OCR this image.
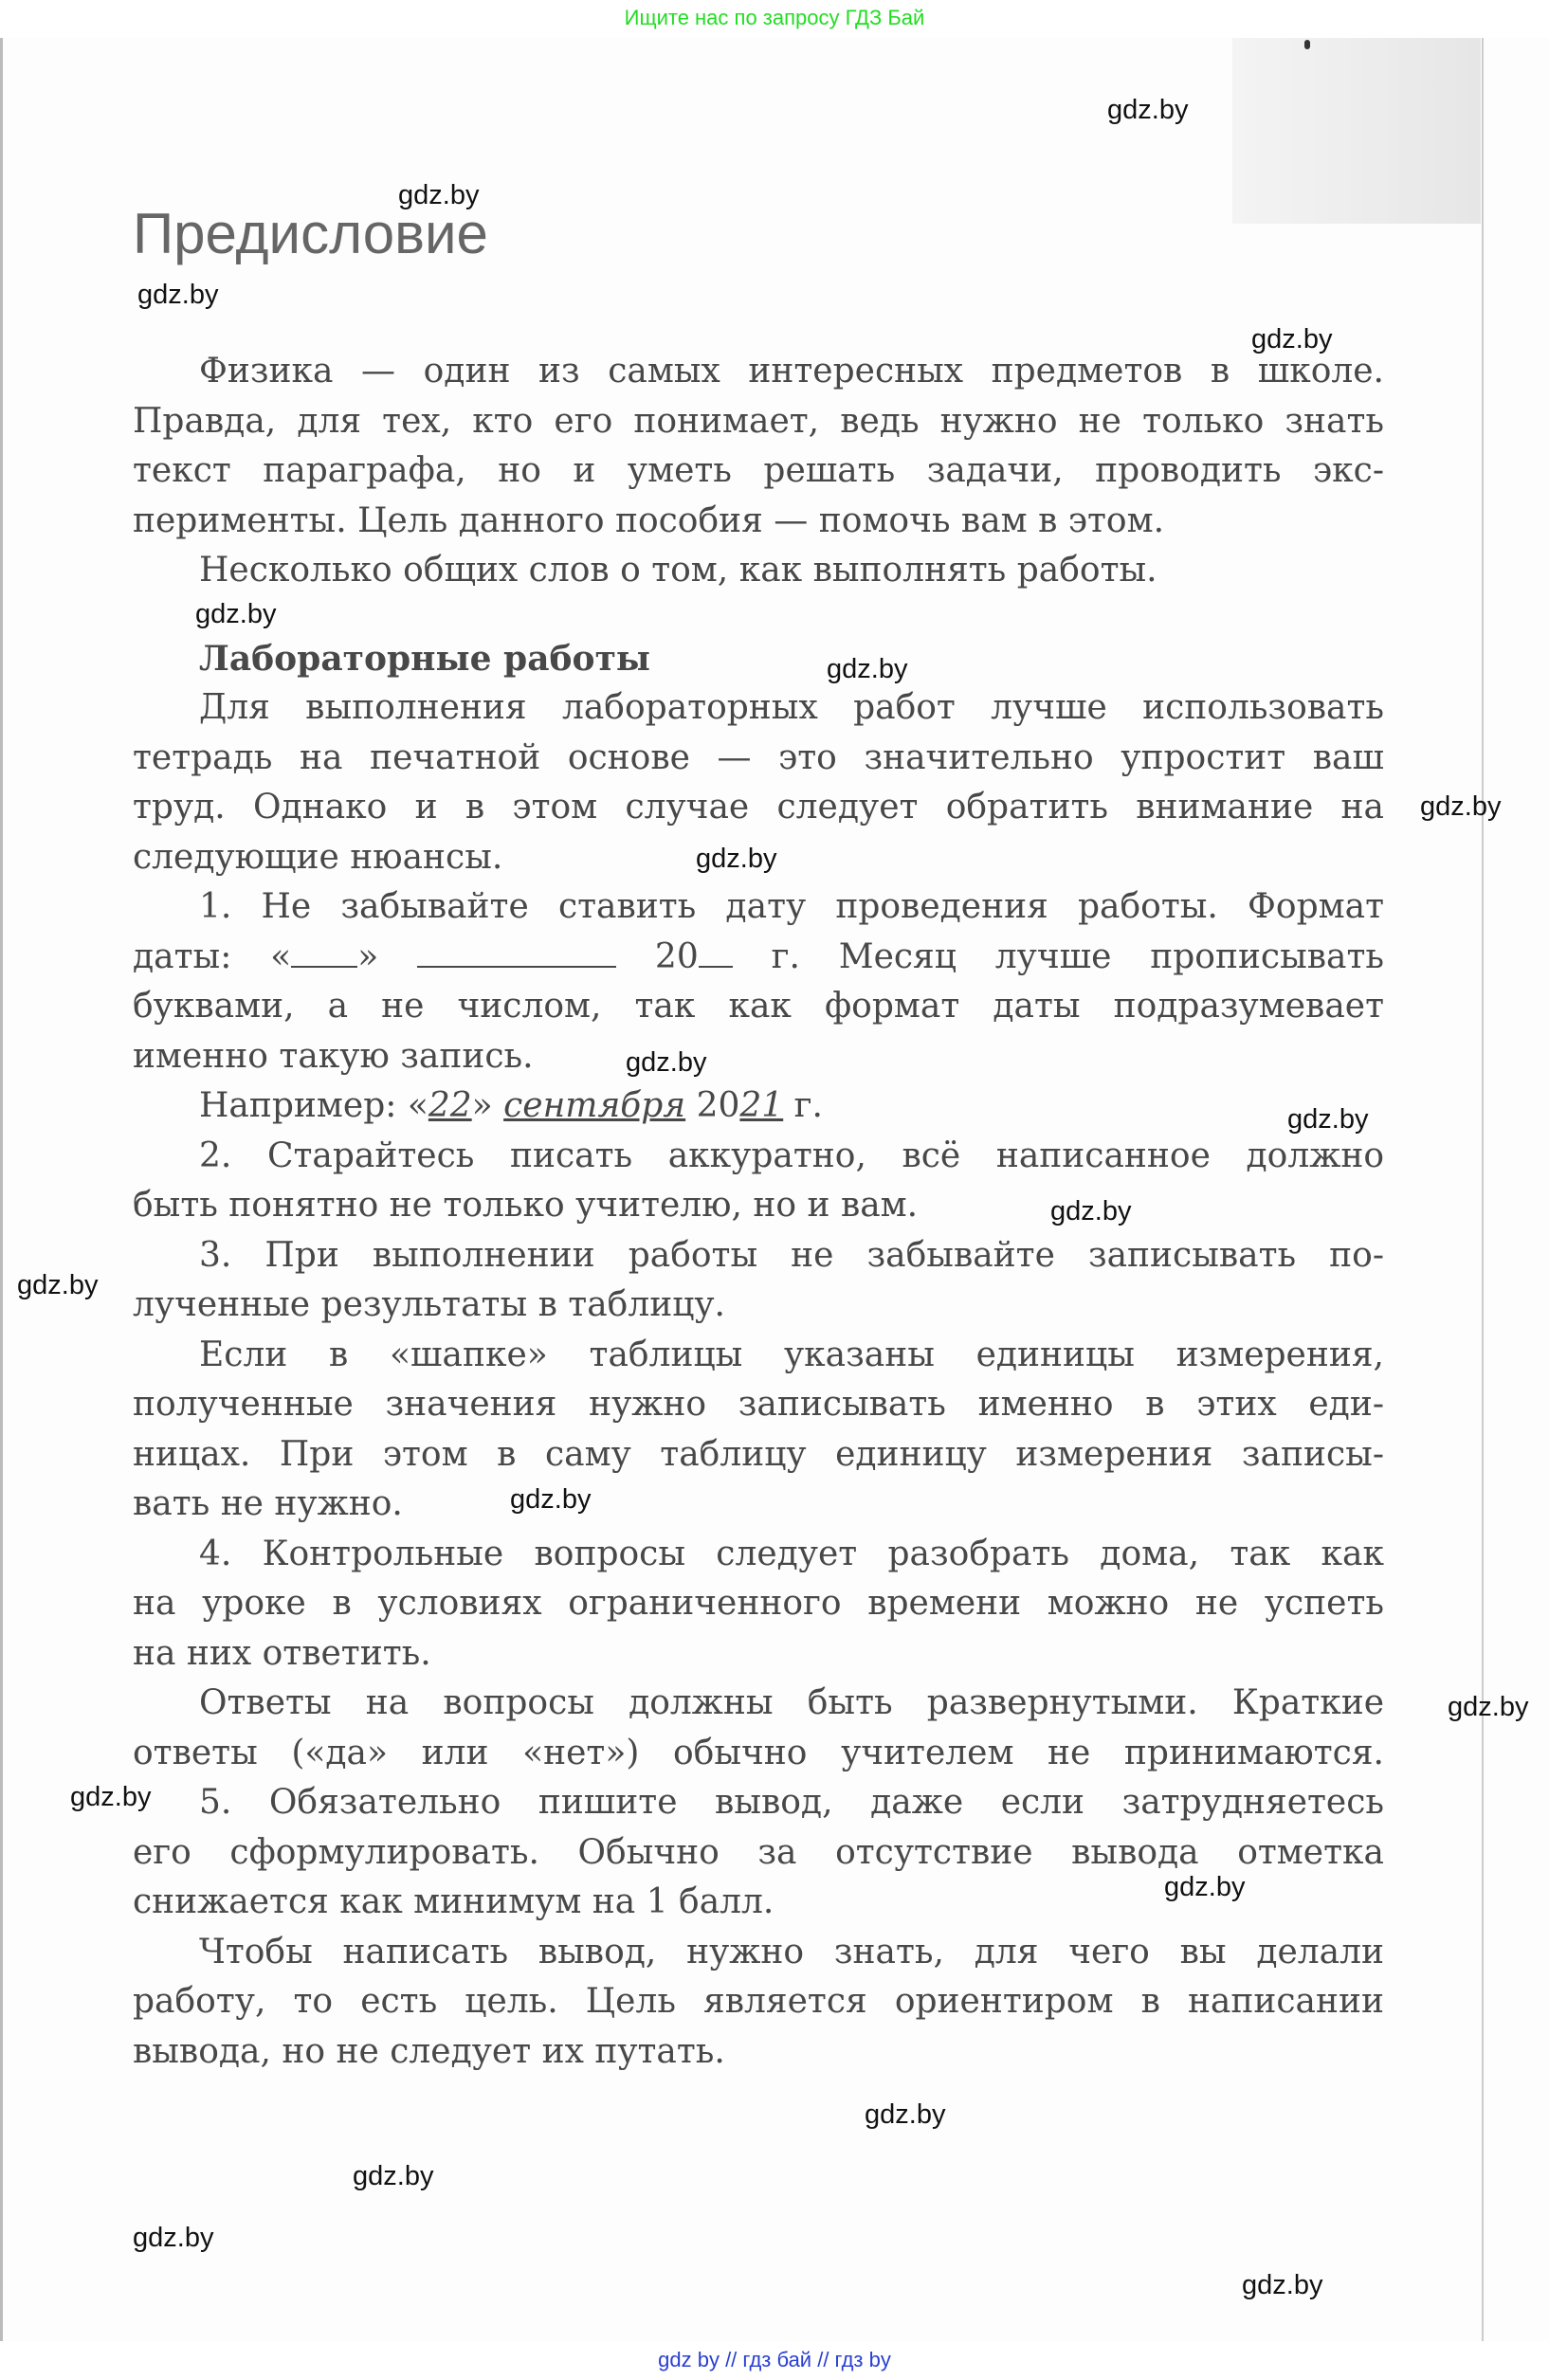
Ищите нас по запросу ГДЗ Бай
Предисловие
Физика — один из самых интересных предметов в школе.
Правда, для тех, кто его понимает, ведь нужно не только знать
текст параграфа, но и уметь решать задачи, проводить экс-
перименты. Цель данного пособия — помочь вам в этом.
Несколько общих слов о том, как выполнять работы.
Лабораторные работы
Для выполнения лабораторных работ лучше использовать
тетрадь на печатной основе — это значительно упростит ваш
труд. Однако и в этом случае следует обратить внимание на
следующие нюансы.
1. Не забывайте ставить дату проведения работы. Формат
даты: « »	20 г. Месяц лучше прописывать
буквами, а не числом, так как формат даты подразумевает
именно такую запись.
Например: «22» сентября 2021 г.
2. Старайтесь писать аккуратно, всё написанное должно
быть понятно не только учителю, но и вам.
3. При выполнении работы не забывайте записывать по-
лученные результаты в таблицу.
Если в «шапке» таблицы указаны единицы измерения,
полученные значения нужно записывать именно в этих еди-
ницах. При этом в саму таблицу единицу измерения записы-
вать не нужно.
4. Контрольные вопросы следует разобрать дома, так как
на уроке в условиях ограниченного времени можно не успеть
на них ответить.
Ответы на вопросы должны быть развернутыми. Краткие
ответы («да» или «нет») обычно учителем не принимаются.
5. Обязательно пишите вывод, даже если затрудняетесь
его сформулировать. Обычно за отсутствие вывода отметка
снижается как минимум на 1 балл.
Чтобы написать вывод, нужно знать, для чего вы делали
работу, то есть цель. Цель является ориентиром в написании
вывода, но не следует их путать.
gdz.by
gdz.by
gdz.by
gdz.by
gdz.by
gdz.by
gdz.by
gdz.by
gdz.by
gdz.by
gdz.by
gdz.by
gdz.by
gdz.by
gdz.by
gdz.by
gdz.by
gdz.by
gdz.by
gdz.by
gdz by // гдз бай // гдз by
